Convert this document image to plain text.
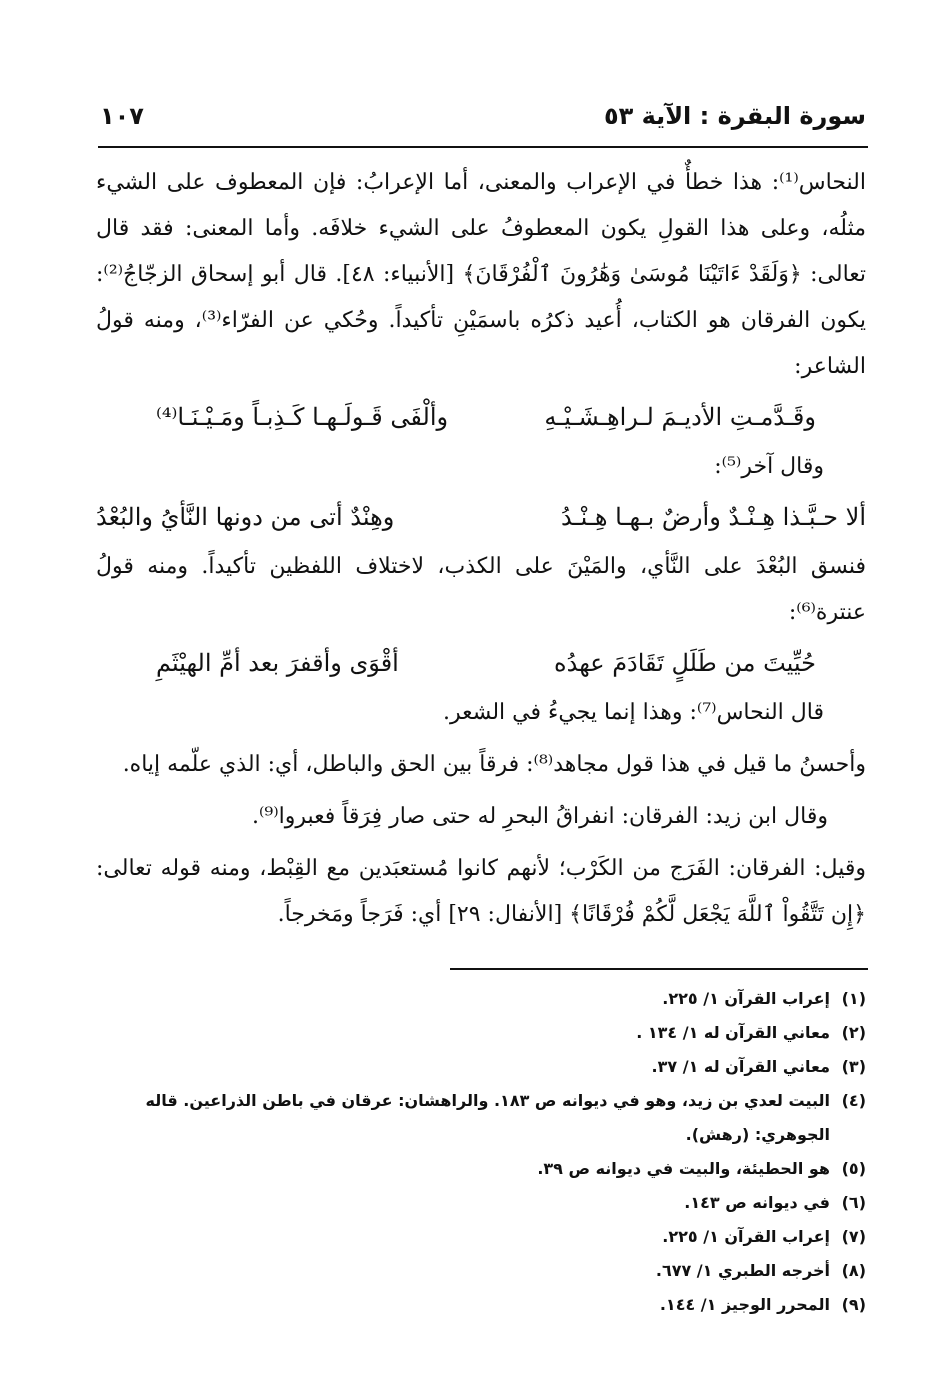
سورة البقرة : الآية ٥٣
١٠٧

النحاس⁽¹⁾: هذا خطأٌ في الإعراب والمعنى، أما الإعرابُ: فإن المعطوف على الشيء مثلُه، وعلى هذا القولِ يكون المعطوفُ على الشيء خلافَه. وأما المعنى: فقد قال تعالى: ﴿وَلَقَدْ ءَاتَيْنَا مُوسَىٰ وَهَٰرُونَ ٱلْفُرْقَانَ﴾ [الأنبياء: ٤٨]. قال أبو إسحاق الزجّاجُ⁽²⁾: يكون الفرقان هو الكتاب، أُعيد ذكرُه باسمَيْنِ تأكيداً. وحُكي عن الفرّاء⁽³⁾، ومنه قولُ الشاعر:

وقَـدَّمـتِ الأديـمَ لـراهِـشَـيْـهِ
وألْفَى قَـولَـهـا كَـذِبـاً ومَـيْـنَـا⁽⁴⁾

وقال آخر⁽⁵⁾:

ألا حـبَّـذا هِـنْـدٌ وأرضٌ بـهـا هِـنْـدُ
وهِنْدٌ أتى من دونها النَّأيُ والبُعْدُ

فنسق البُعْدَ على النَّأي، والمَيْنَ على الكذب، لاختلاف اللفظين تأكيداً. ومنه قولُ عنترة⁽⁶⁾:

حُيِّيتَ من طَلَلٍ تَقَادَمَ عهدُه
أقْوَى وأقفرَ بعد أمِّ الهيْثَمِ

قال النحاس⁽⁷⁾: وهذا إنما يجيءُ في الشعر.

وأحسنُ ما قيل في هذا قول مجاهد⁽⁸⁾: فرقاً بين الحق والباطل، أي: الذي علّمه إياه.

وقال ابن زيد: الفرقان: انفراقُ البحرِ له حتى صار فِرَقاً فعبروا⁽⁹⁾.

وقيل: الفرقان: الفَرَج من الكَرْب؛ لأنهم كانوا مُستعبَدين مع القِبْط، ومنه قوله تعالى: ﴿إِن تَتَّقُواْ ٱللَّهَ يَجْعَل لَّكُمْ فُرْقَانًا﴾ [الأنفال: ٢٩] أي: فَرَجاً ومَخرجاً.

(١)
إعراب القرآن ١/ ٢٢٥.
(٢)
معاني القرآن له ١/ ١٣٤ .
(٣)
معاني القرآن له ١/ ٣٧.
(٤)
البيت لعدي بن زيد، وهو في ديوانه ص ١٨٣. والراهشان: عرقان في باطن الذراعين. قاله الجوهري: (رهش).
(٥)
هو الحطيئة، والبيت في ديوانه ص ٣٩.
(٦)
في ديوانه ص ١٤٣.
(٧)
إعراب القرآن ١/ ٢٢٥.
(٨)
أخرجه الطبري ١/ ٦٧٧.
(٩)
المحرر الوجيز ١/ ١٤٤.
